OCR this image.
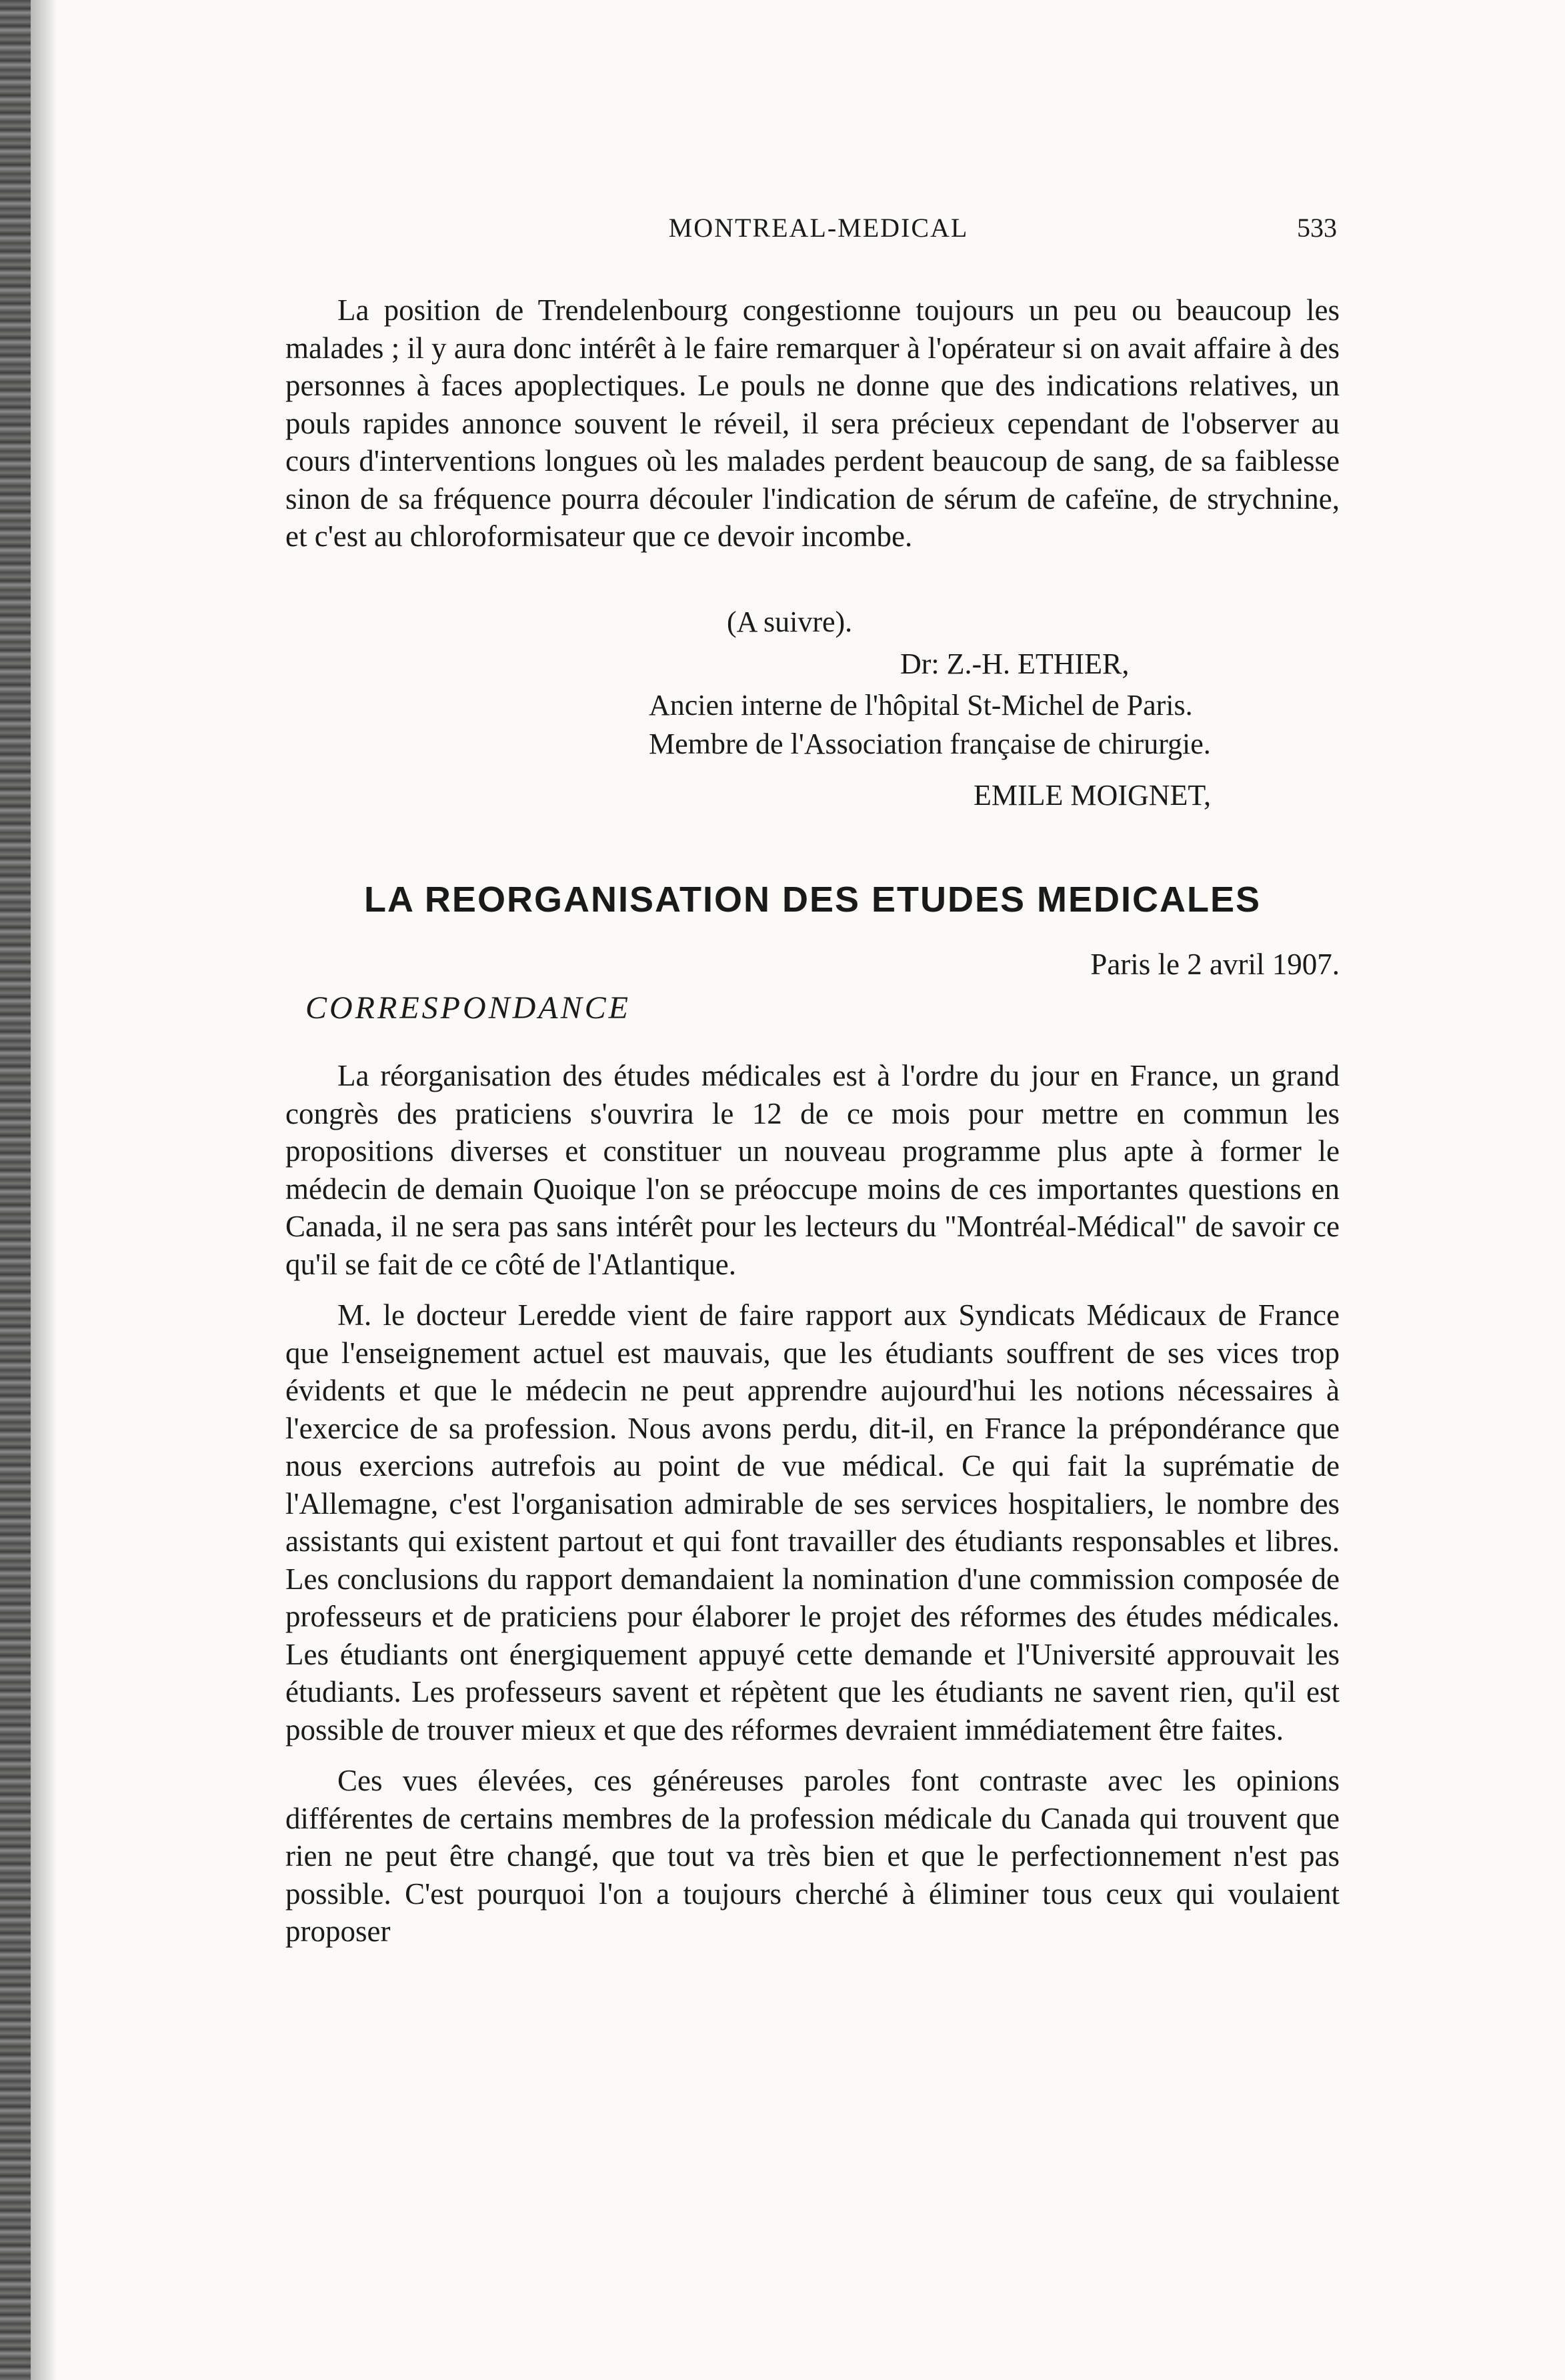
MONTREAL-MEDICAL	533

La position de Trendelenbourg congestionne toujours un peu ou beaucoup les malades ; il y aura donc intérêt à le faire remarquer à l'opérateur si on avait affaire à des personnes à faces apoplectiques. Le pouls ne donne que des indications relatives, un pouls rapides annonce souvent le réveil, il sera précieux cependant de l'observer au cours d'interventions longues où les malades perdent beaucoup de sang, de sa faiblesse sinon de sa fréquence pourra découler l'indication de sérum de cafeïne, de strychnine, et c'est au chloroformisateur que ce devoir incombe.

(A suivre).
Dr: Z.-H. ETHIER,
Ancien interne de l'hôpital St-Michel de Paris.
Membre de l'Association française de chirurgie.
EMILE MOIGNET,
LA REORGANISATION DES ETUDES MEDICALES
Paris le 2 avril 1907.
CORRESPONDANCE

La réorganisation des études médicales est à l'ordre du jour en France, un grand congrès des praticiens s'ouvrira le 12 de ce mois pour mettre en commun les propositions diverses et constituer un nouveau programme plus apte à former le médecin de demain Quoique l'on se préoccupe moins de ces importantes questions en Canada, il ne sera pas sans intérêt pour les lecteurs du "Montréal-Médical" de savoir ce qu'il se fait de ce côté de l'Atlantique.

M. le docteur Leredde vient de faire rapport aux Syndicats Médicaux de France que l'enseignement actuel est mauvais, que les étudiants souffrent de ses vices trop évidents et que le médecin ne peut apprendre aujourd'hui les notions nécessaires à l'exercice de sa profession. Nous avons perdu, dit-il, en France la prépondérance que nous exercions autrefois au point de vue médical. Ce qui fait la suprématie de l'Allemagne, c'est l'organisation admirable de ses services hospitaliers, le nombre des assistants qui existent partout et qui font travailler des étudiants responsables et libres. Les conclusions du rapport demandaient la nomination d'une commission composée de professeurs et de praticiens pour élaborer le projet des réformes des études médicales. Les étudiants ont énergiquement appuyé cette demande et l'Université approuvait les étudiants. Les professeurs savent et répètent que les étudiants ne savent rien, qu'il est possible de trouver mieux et que des réformes devraient immédiatement être faites.

Ces vues élevées, ces généreuses paroles font contraste avec les opinions différentes de certains membres de la profession médicale du Canada qui trouvent que rien ne peut être changé, que tout va très bien et que le perfectionnement n'est pas possible. C'est pourquoi l'on a toujours cherché à éliminer tous ceux qui voulaient proposer
